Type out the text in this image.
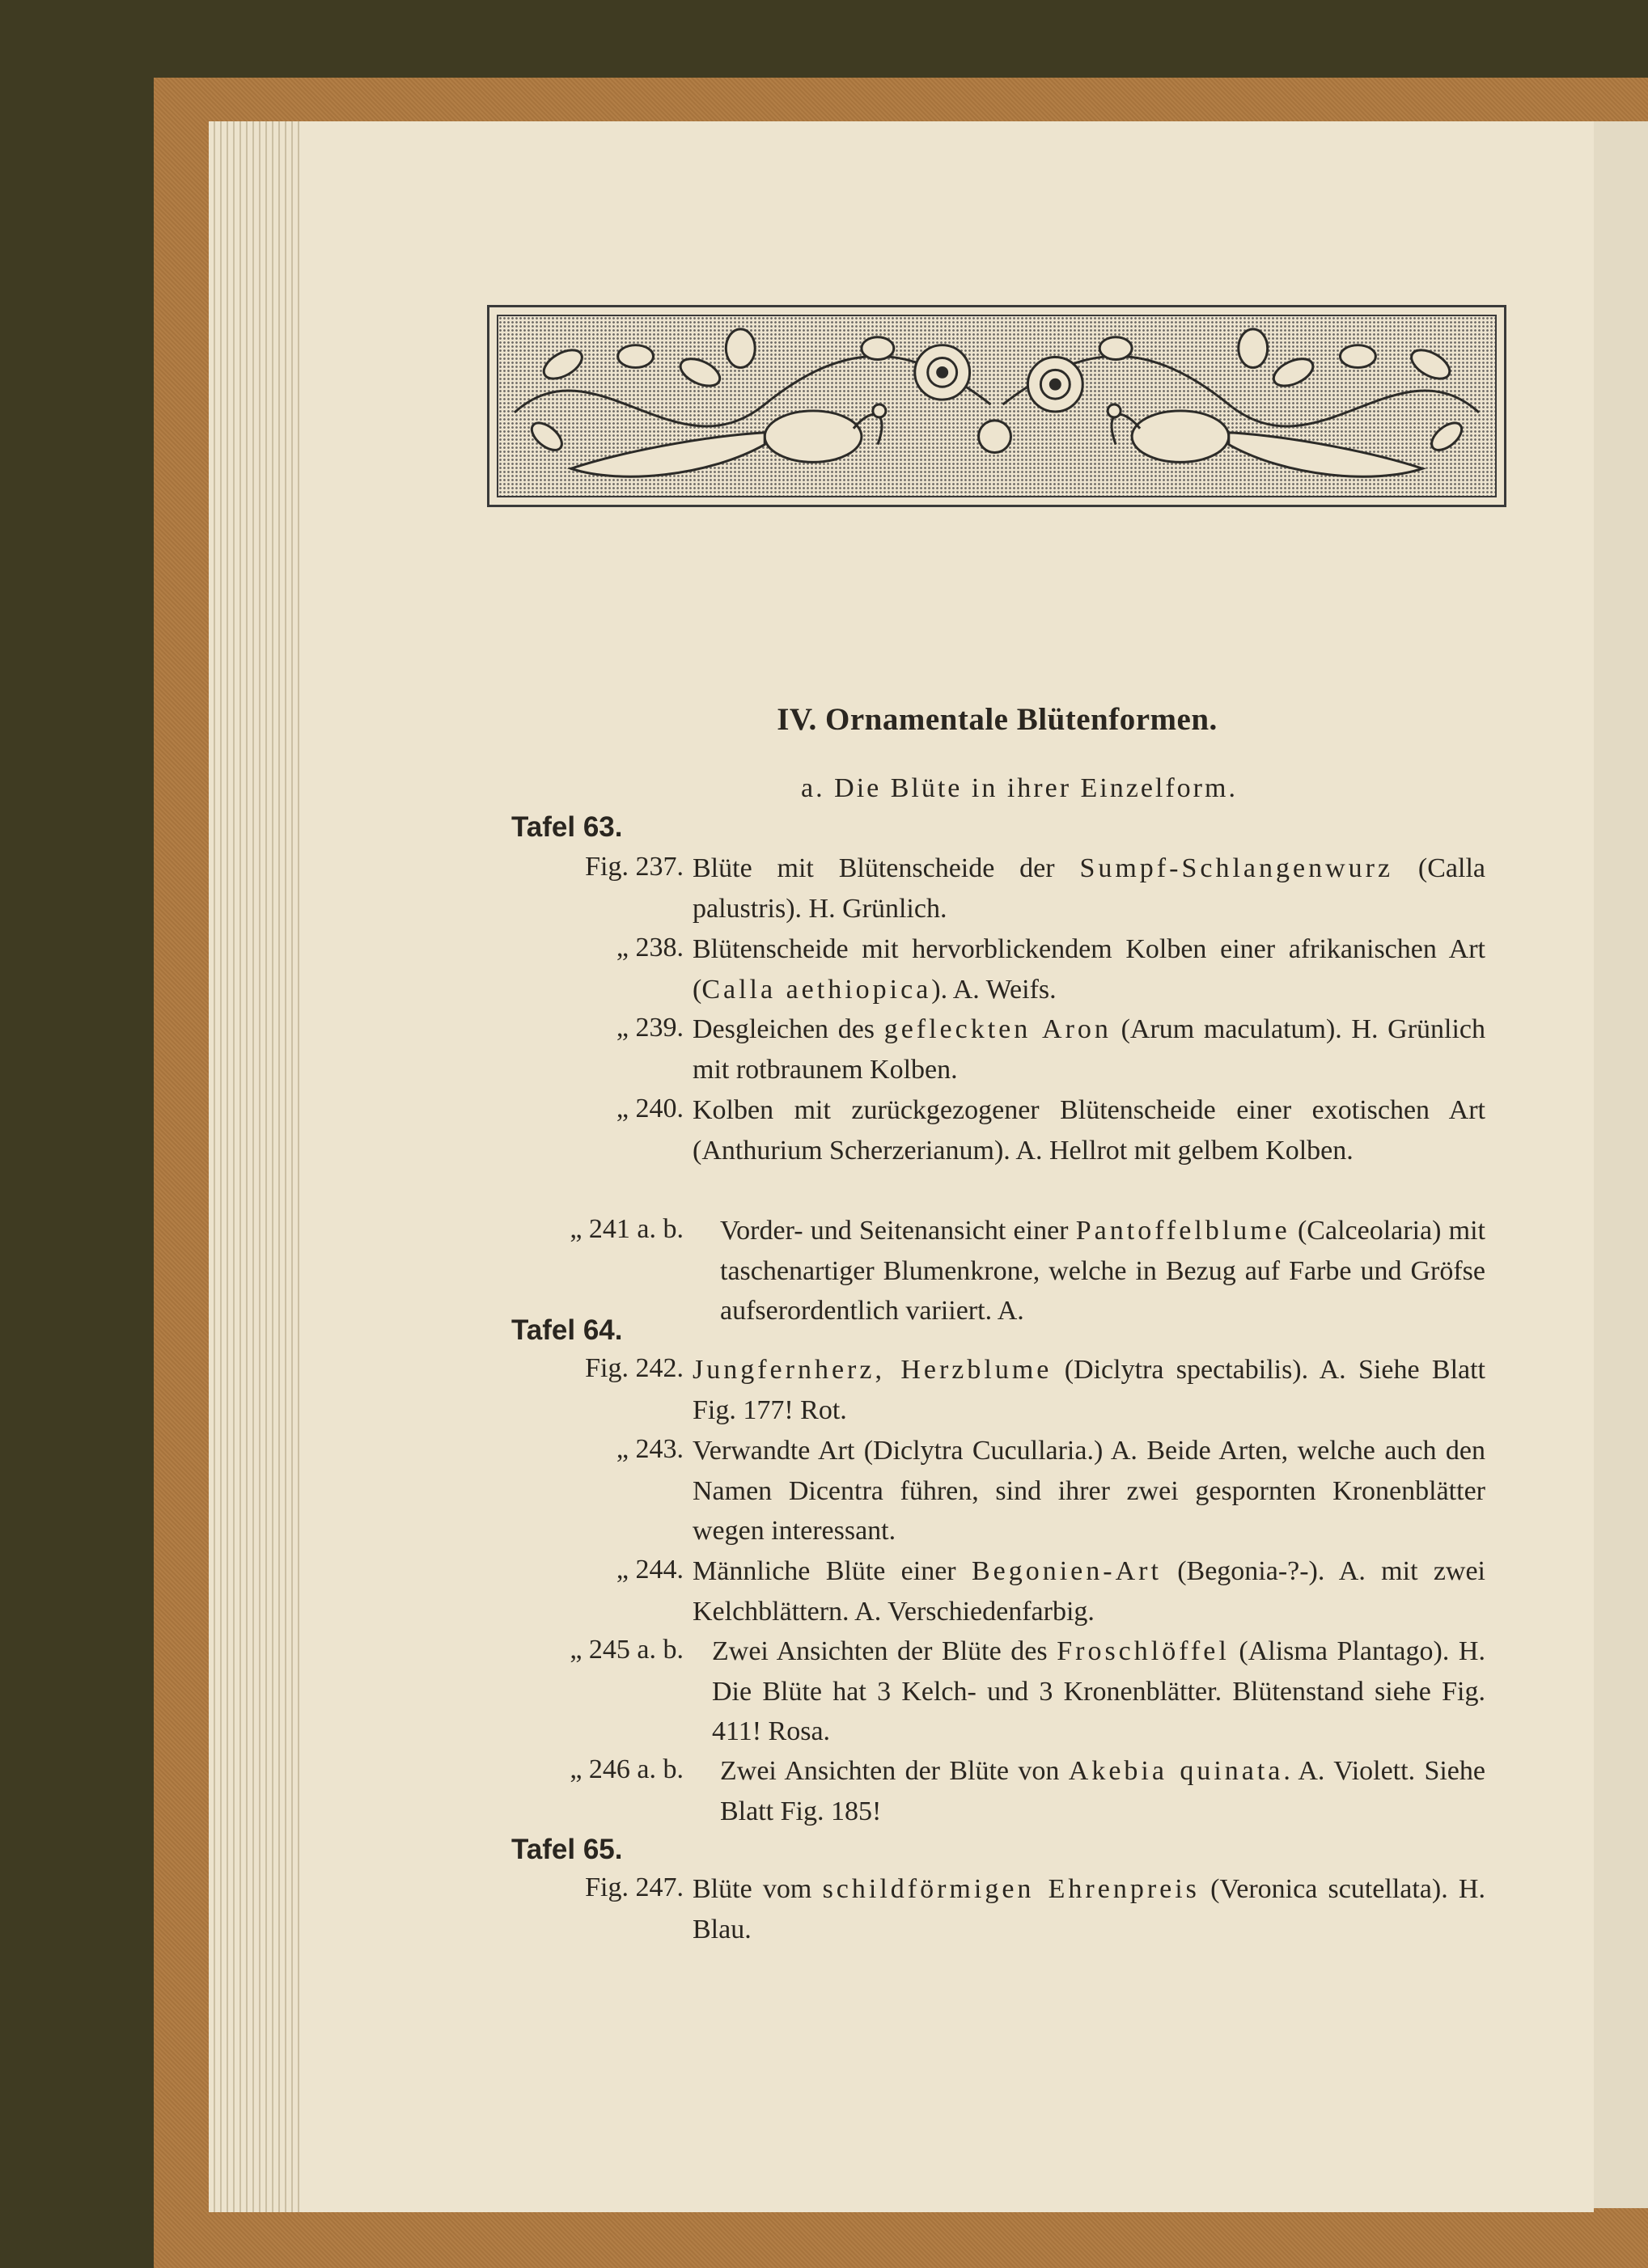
IV. Ornamentale Blütenformen.
a. Die Blüte in ihrer Einzelform.
Tafel 63.
Tafel 64.
Tafel 65.
Fig. 237. Blüte mit Blütenscheide der Sumpf-Schlangenwurz (Calla palustris). H. Grünlich.
„ 238. Blütenscheide mit hervorblickendem Kolben einer afrikanischen Art (Calla aethiopica). A. Weifs.
„ 239. Desgleichen des gefleckten Aron (Arum maculatum). H. Grünlich mit rotbraunem Kolben.
„ 240. Kolben mit zurückgezogener Blütenscheide einer exotischen Art (Anthurium Scherzerianum). A. Hellrot mit gelbem Kolben.
„ 241 a. b. Vorder- und Seitenansicht einer Pantoffelblume (Calceolaria) mit taschenartiger Blumenkrone, welche in Bezug auf Farbe und Gröfse aufserordentlich variiert. A.
Fig. 242. Jungfernherz, Herzblume (Diclytra spectabilis). A. Siehe Blatt Fig. 177! Rot.
„ 243. Verwandte Art (Diclytra Cucullaria.) A. Beide Arten, welche auch den Namen Dicentra führen, sind ihrer zwei gespornten Kronenblätter wegen interessant.
„ 244. Männliche Blüte einer Begonien-Art (Begonia-?-). A. mit zwei Kelchblättern. A. Verschiedenfarbig.
„ 245 a. b. Zwei Ansichten der Blüte des Froschlöffel (Alisma Plantago). H. Die Blüte hat 3 Kelch- und 3 Kronenblätter. Blütenstand siehe Fig. 411! Rosa.
„ 246 a. b. Zwei Ansichten der Blüte von Akebia quinata. A. Violett. Siehe Blatt Fig. 185!
Fig. 247. Blüte vom schildförmigen Ehrenpreis (Veronica scutellata). H. Blau.
